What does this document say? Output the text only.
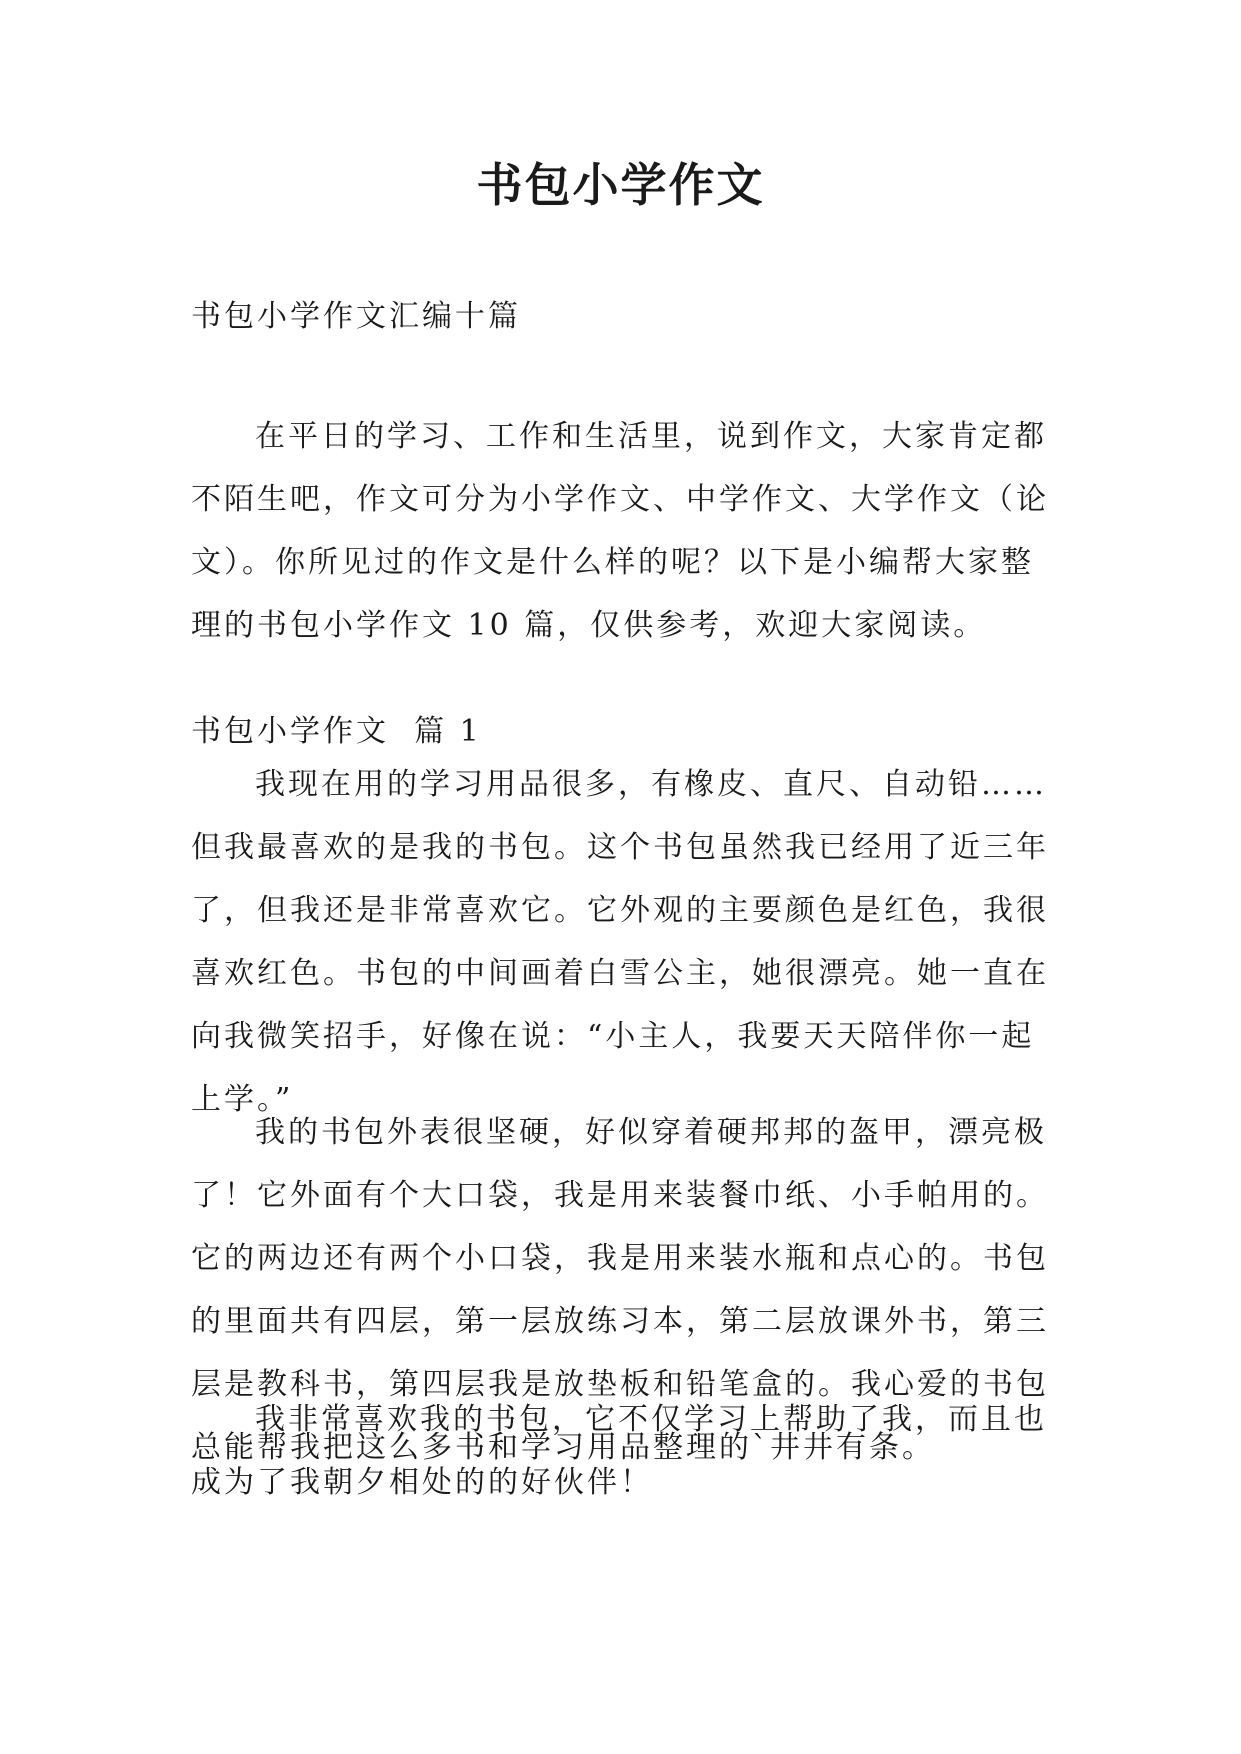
书包小学作文

书包小学作文汇编十篇

在平日的学习、工作和生活里，说到作文，大家肯定都不陌生吧，作文可分为小学作文、中学作文、大学作文（论文）。你所见过的作文是什么样的呢？以下是小编帮大家整理的书包小学作文 10 篇，仅供参考，欢迎大家阅读。

书包小学作文  篇 1

我现在用的学习用品很多，有橡皮、直尺、自动铅……但我最喜欢的是我的书包。这个书包虽然我已经用了近三年了，但我还是非常喜欢它。它外观的主要颜色是红色，我很喜欢红色。书包的中间画着白雪公主，她很漂亮。她一直在向我微笑招手，好像在说：“小主人，我要天天陪伴你一起上学。”

我的书包外表很坚硬，好似穿着硬邦邦的盔甲，漂亮极了！它外面有个大口袋，我是用来装餐巾纸、小手帕用的。它的两边还有两个小口袋，我是用来装水瓶和点心的。书包的里面共有四层，第一层放练习本，第二层放课外书，第三层是教科书，第四层我是放垫板和铅笔盒的。我心爱的书包总能帮我把这么多书和学习用品整理的`井井有条。

我非常喜欢我的书包，它不仅学习上帮助了我，而且也成为了我朝夕相处的的好伙伴！
